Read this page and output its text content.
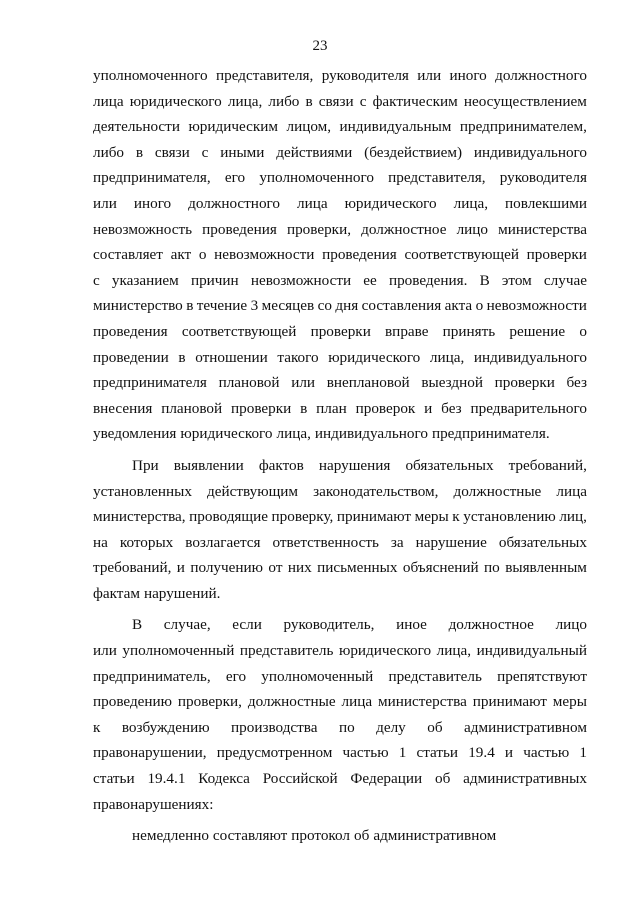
23
уполномоченного представителя, руководителя или иного должностного
лица юридического лица, либо в связи с фактическим неосуществлением
деятельности юридическим лицом, индивидуальным предпринимателем,
либо в связи с иными действиями (бездействием) индивидуального
предпринимателя, его уполномоченного представителя, руководителя
или иного должностного лица юридического лица, повлекшими
невозможность проведения проверки, должностное лицо министерства
составляет акт о невозможности проведения соответствующей проверки
с указанием причин невозможности ее проведения. В этом случае
министерство в течение 3 месяцев со дня составления акта о невозможности
проведения соответствующей проверки вправе принять решение о
проведении в отношении такого юридического лица, индивидуального
предпринимателя плановой или внеплановой выездной проверки без
внесения плановой проверки в план проверок и без предварительного
уведомления юридического лица, индивидуального предпринимателя.
При выявлении фактов нарушения обязательных требований,
установленных действующим законодательством, должностные лица
министерства, проводящие проверку, принимают меры к установлению лиц,
на которых возлагается ответственность за нарушение обязательных
требований, и получению от них письменных объяснений по выявленным
фактам нарушений.
В случае, если руководитель, иное должностное лицо
или уполномоченный представитель юридического лица, индивидуальный
предприниматель, его уполномоченный представитель препятствуют
проведению проверки, должностные лица министерства принимают меры
к возбуждению производства по делу об административном
правонарушении, предусмотренном частью 1 статьи 19.4 и частью 1
статьи 19.4.1 Кодекса Российской Федерации об административных
правонарушениях:
немедленно составляют протокол об административном
